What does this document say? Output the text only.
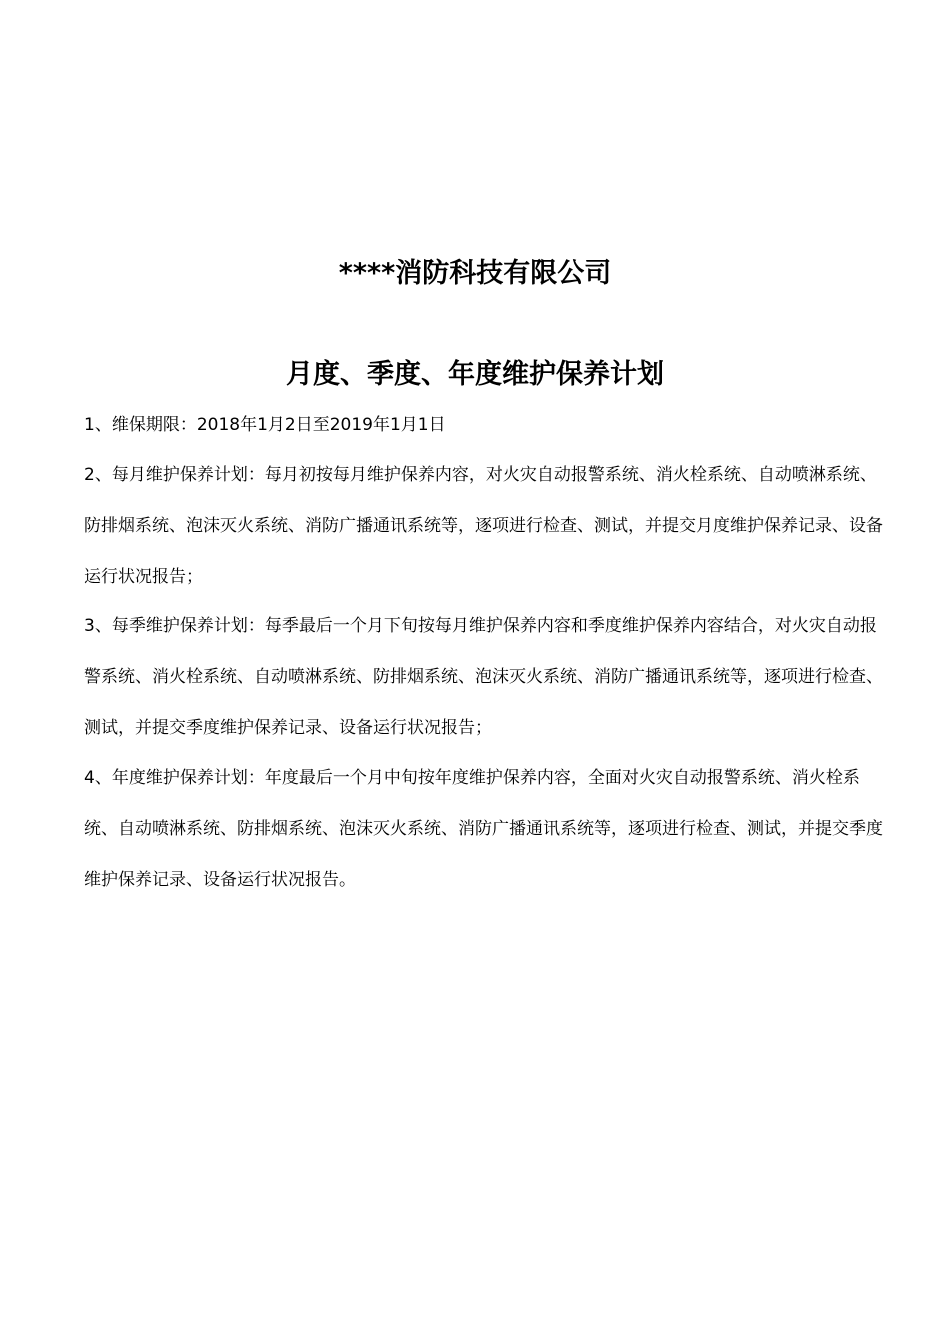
****消防科技有限公司
月度、季度、年度维护保养计划

1、维保期限：2018年1月2日至2019年1月1日

2、每月维护保养计划：每月初按每月维护保养内容，对火灾自动报警系统、消火栓系统、自动喷淋系统、防排烟系统、泡沫灭火系统、消防广播通讯系统等，逐项进行检查、测试，并提交月度维护保养记录、设备运行状况报告；

3、每季维护保养计划：每季最后一个月下旬按每月维护保养内容和季度维护保养内容结合，对火灾自动报警系统、消火栓系统、自动喷淋系统、防排烟系统、泡沫灭火系统、消防广播通讯系统等，逐项进行检查、测试，并提交季度维护保养记录、设备运行状况报告；

4、年度维护保养计划：年度最后一个月中旬按年度维护保养内容，全面对火灾自动报警系统、消火栓系统、自动喷淋系统、防排烟系统、泡沫灭火系统、消防广播通讯系统等，逐项进行检查、测试，并提交季度维护保养记录、设备运行状况报告。
